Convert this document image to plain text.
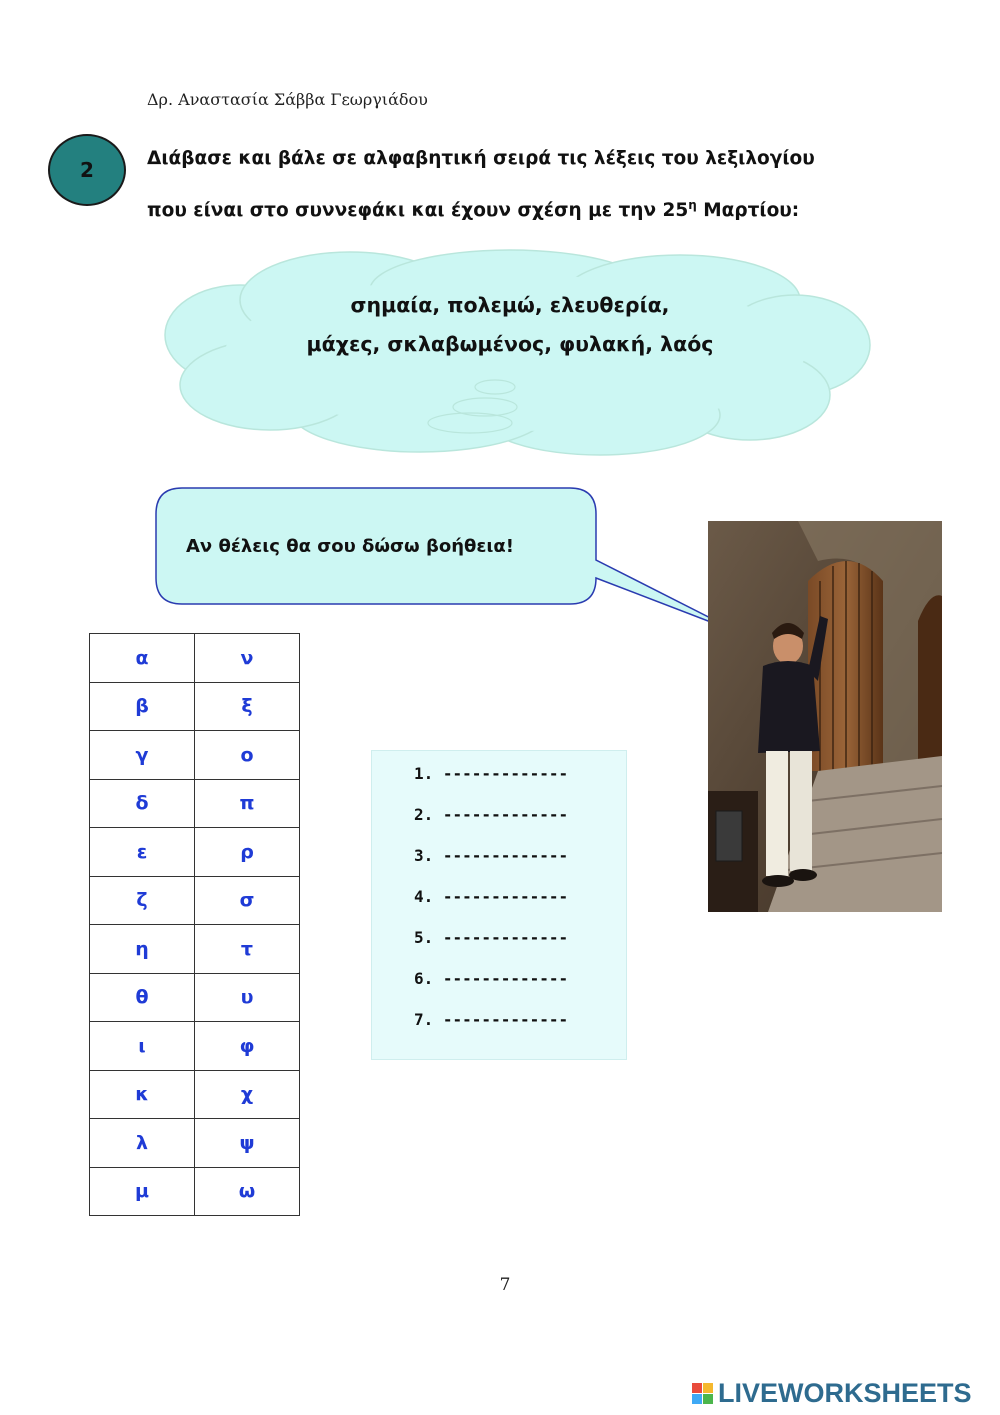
Δρ. Αναστασία Σάββα Γεωργιάδου
2	Διάβασε και βάλε σε αλφαβητική σειρά τις λέξεις του λεξιλογίου
που είναι στο συννεφάκι και έχουν σχέση με την $25^\eta$ Μαρτίου:
σημαία, πολεμώ, ελευθερία,
μάχες, σκλαβωμένος, φυλακή, λαός
Αν θέλεις θα σου δώσω βοήθεια!
α	ν
β	ξ
γ	ο
δ	π
ε	ρ
ζ	σ
η	τ
θ	υ
ι	φ
κ	χ
λ	ψ
μ	ω
1. -------------
2. -------------
3. -------------
4. -------------
5. -------------
6. -------------
7. -------------
7
LIVEWORKSHEETS
